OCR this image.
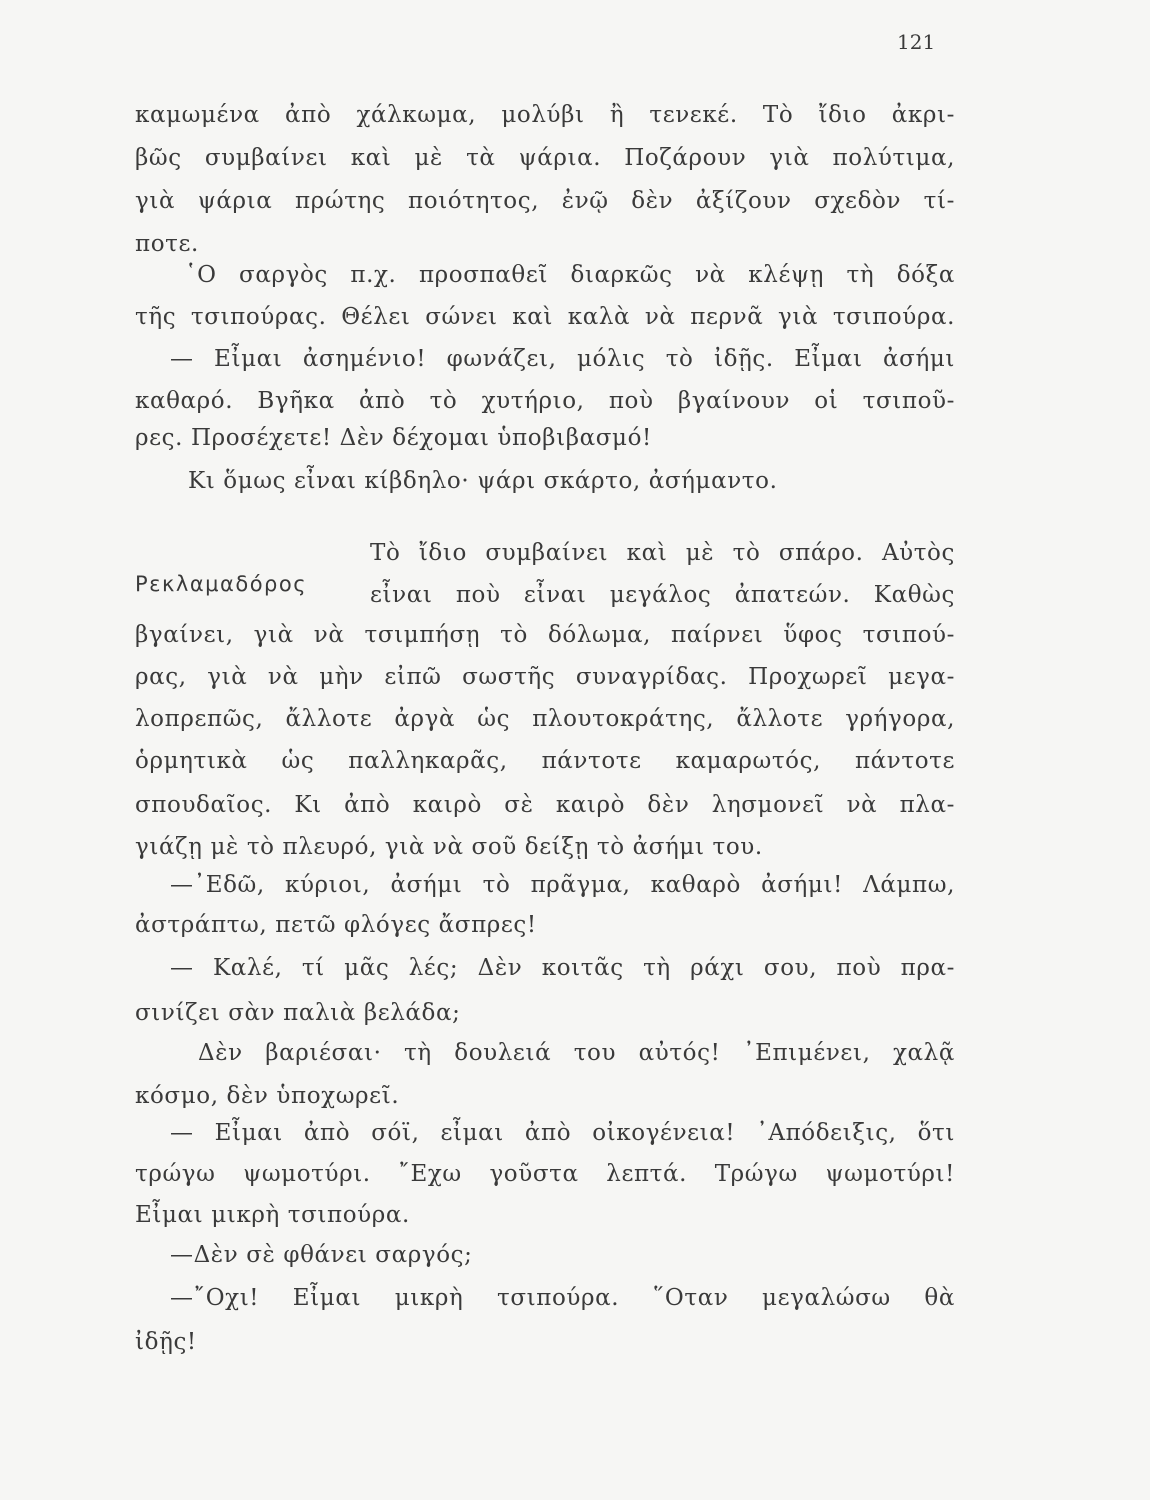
121
καμωμένα ἀπὸ χάλκωμα, μολύβι ἢ τενεκέ. Τὸ ἴδιο ἀκρι-
βῶς συμβαίνει καὶ μὲ τὰ ψάρια. Ποζάρουν γιὰ πολύτιμα,
γιὰ ψάρια πρώτης ποιότητος, ἐνῷ δὲν ἀξίζουν σχεδὸν τί-
ποτε.
῾Ο σαργὸς π.χ. προσπαθεῖ διαρκῶς νὰ κλέψῃ τὴ δόξα
τῆς τσιπούρας. Θέλει σώνει καὶ καλὰ νὰ περνᾶ γιὰ τσιπούρα.
— Εἶμαι ἀσημένιο! φωνάζει, μόλις τὸ ἰδῇς. Εἶμαι ἀσήμι
καθαρό. Βγῆκα ἀπὸ τὸ χυτήριο, ποὺ βγαίνουν οἱ τσιποῦ-
ρες. Προσέχετε! Δὲν δέχομαι ὑποβιβασμό!
Κι ὅμως εἶναι κίβδηλο· ψάρι σκάρτο, ἀσήμαντο.
Ρεκλαμαδόρος
Τὸ ἴδιο συμβαίνει καὶ μὲ τὸ σπάρο. Αὐτὸς
εἶναι ποὺ εἶναι μεγάλος ἀπατεών. Καθὼς
βγαίνει, γιὰ νὰ τσιμπήσῃ τὸ δόλωμα, παίρνει ὕφος τσιπού-
ρας, γιὰ νὰ μὴν εἰπῶ σωστῆς συναγρίδας. Προχωρεῖ μεγα-
λοπρεπῶς, ἄλλοτε ἀργὰ ὡς πλουτοκράτης, ἄλλοτε γρήγορα,
ὁρμητικὰ ὡς παλληκαρᾶς, πάντοτε καμαρωτός, πάντοτε
σπουδαῖος. Κι ἀπὸ καιρὸ σὲ καιρὸ δὲν λησμονεῖ νὰ πλα-
γιάζῃ μὲ τὸ πλευρό, γιὰ νὰ σοῦ δείξῃ τὸ ἀσήμι του.
—᾿Εδῶ, κύριοι, ἀσήμι τὸ πρᾶγμα, καθαρὸ ἀσήμι! Λάμπω,
ἀστράπτω, πετῶ φλόγες ἄσπρες!
— Καλέ, τί μᾶς λές; Δὲν κοιτᾶς τὴ ράχι σου, ποὺ πρα-
σινίζει σὰν παλιὰ βελάδα;
Δὲν βαριέσαι· τὴ δουλειά του αὐτός! ᾿Επιμένει, χαλᾷ
κόσμο, δὲν ὑποχωρεῖ.
— Εἶμαι ἀπὸ σόϊ, εἶμαι ἀπὸ οἰκογένεια! ᾿Απόδειξις, ὅτι
τρώγω ψωμοτύρι. ῎Εχω γοῦστα λεπτά. Τρώγω ψωμοτύρι!
Εἶμαι μικρὴ τσιπούρα.
—Δὲν σὲ φθάνει σαργός;
—῎Οχι! Εἶμαι μικρὴ τσιπούρα. ῞Οταν μεγαλώσω θὰ
ἰδῇς!
